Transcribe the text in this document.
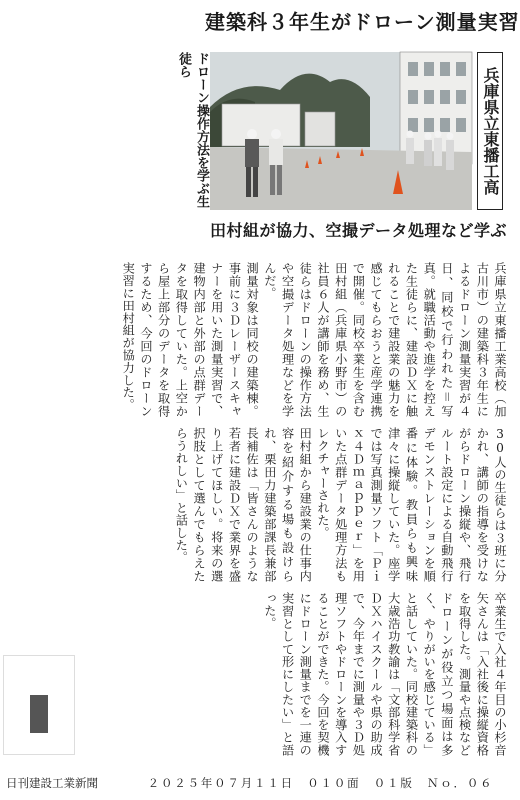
建築科３年生がドローン測量実習
ドローン操作方法を学ぶ生徒ら
兵庫県立東播工高
田村組が協力、空撮データ処理など学ぶ

兵庫県立東播工業高校（加古川市）の建築科３年生によるドローン測量実習が４日、同校で行われた＝写真。就職活動や進学を控えた生徒らに、建設ＤＸに触れることで建設業の魅力を感じてもらおうと産学連携で開催。同校卒業生を含む田村組（兵庫県小野市）の社員６人が講師を務め、生徒らはドローンの操作方法や空撮データ処理などを学んだ。

測量対象は同校の建築棟。事前に３Ｄレーザースキャナーを用いた測量実習で、建物内部と外部の点群データを取得していた。上空から屋上部分のデータを取得するため、今回のドローン実習に田村組が協力した。

30人の生徒らは３班に分かれ、講師の指導を受けながらドローン操縦や、飛行ルート設定による自動飛行デモンストレーションを順番に体験。教員らも興味津々に操縦していた。座学では写真測量ソフト「Ｐｉｘ４Ｄｍａｐｐｅｒ」を用いた点群データ処理方法もレクチャーされた。

田村組から建設業の仕事内容を紹介する場も設けられ、栗田力建築部課長兼部長補佐は「皆さんのような若者に建設ＤＸで業界を盛り上げてほしい。将来の選択肢として選んでもらえたらうれしい」と話した。

卒業生で入社４年目の小杉音矢さんは「入社後に操縦資格を取得した。測量や点検などドローンが役立つ場面は多く、やりがいを感じている」と話していた。同校建築科の大歳浩功教諭は「文部科学省ＤＸハイスクールや県の助成で、今年までに測量や３Ｄ処理ソフトやドローンを導入することができた。今回を契機にドローン測量までを一連の実習として形にしたい」と語った。

日刊建設工業新聞	２０２５年０７月１１日　０１０面　０１版　Ｎｏ．０６
